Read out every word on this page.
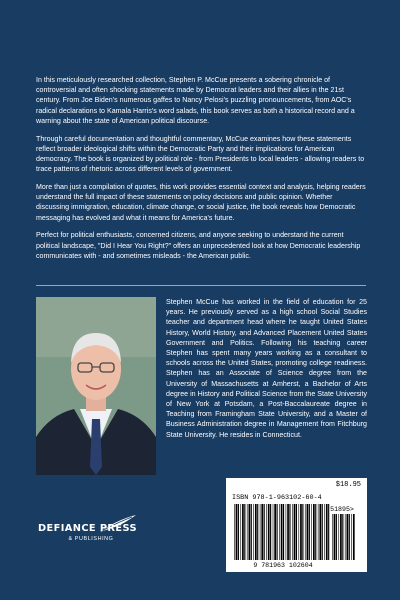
In this meticulously researched collection, Stephen P. McCue presents a sobering chronicle of controversial and often shocking statements made by Democrat leaders and their allies in the 21st century. From Joe Biden's numerous gaffes to Nancy Pelosi's puzzling pronouncements, from AOC's radical declarations to Kamala Harris's word salads, this book serves as both a historical record and a warning about the state of American political discourse.

Through careful documentation and thoughtful commentary, McCue examines how these statements reflect broader ideological shifts within the Democratic Party and their implications for American democracy. The book is organized by political role - from Presidents to local leaders - allowing readers to trace patterns of rhetoric across different levels of government.

More than just a compilation of quotes, this work provides essential context and analysis, helping readers understand the full impact of these statements on policy decisions and public opinion. Whether discussing immigration, education, climate change, or social justice, the book reveals how Democratic messaging has evolved and what it means for America's future.

Perfect for political enthusiasts, concerned citizens, and anyone seeking to understand the current political landscape, "Did I Hear You Right?" offers an unprecedented look at how Democratic leadership communicates with - and sometimes misleads - the American public.

Stephen McCue has worked in the field of education for 25 years. He previously served as a high school Social Studies teacher and department head where he taught United States History, World History, and Advanced Placement United States Government and Politics. Following his teaching career Stephen has spent many years working as a consultant to schools across the United States, promoting college readiness. Stephen has an Associate of Science degree from the University of Massachusetts at Amherst, a Bachelor of Arts degree in History and Political Science from the State University of New York at Potsdam, a Post-Baccalaureate degree in Teaching from Framingham State University, and a Master of Business Administration degree in Management from Fitchburg State University. He resides in Connecticut.

DEFIANCE PRESS
& PUBLISHING
$18.95
ISBN 978-1-963102-60-4
51895>
9 781963 102604
